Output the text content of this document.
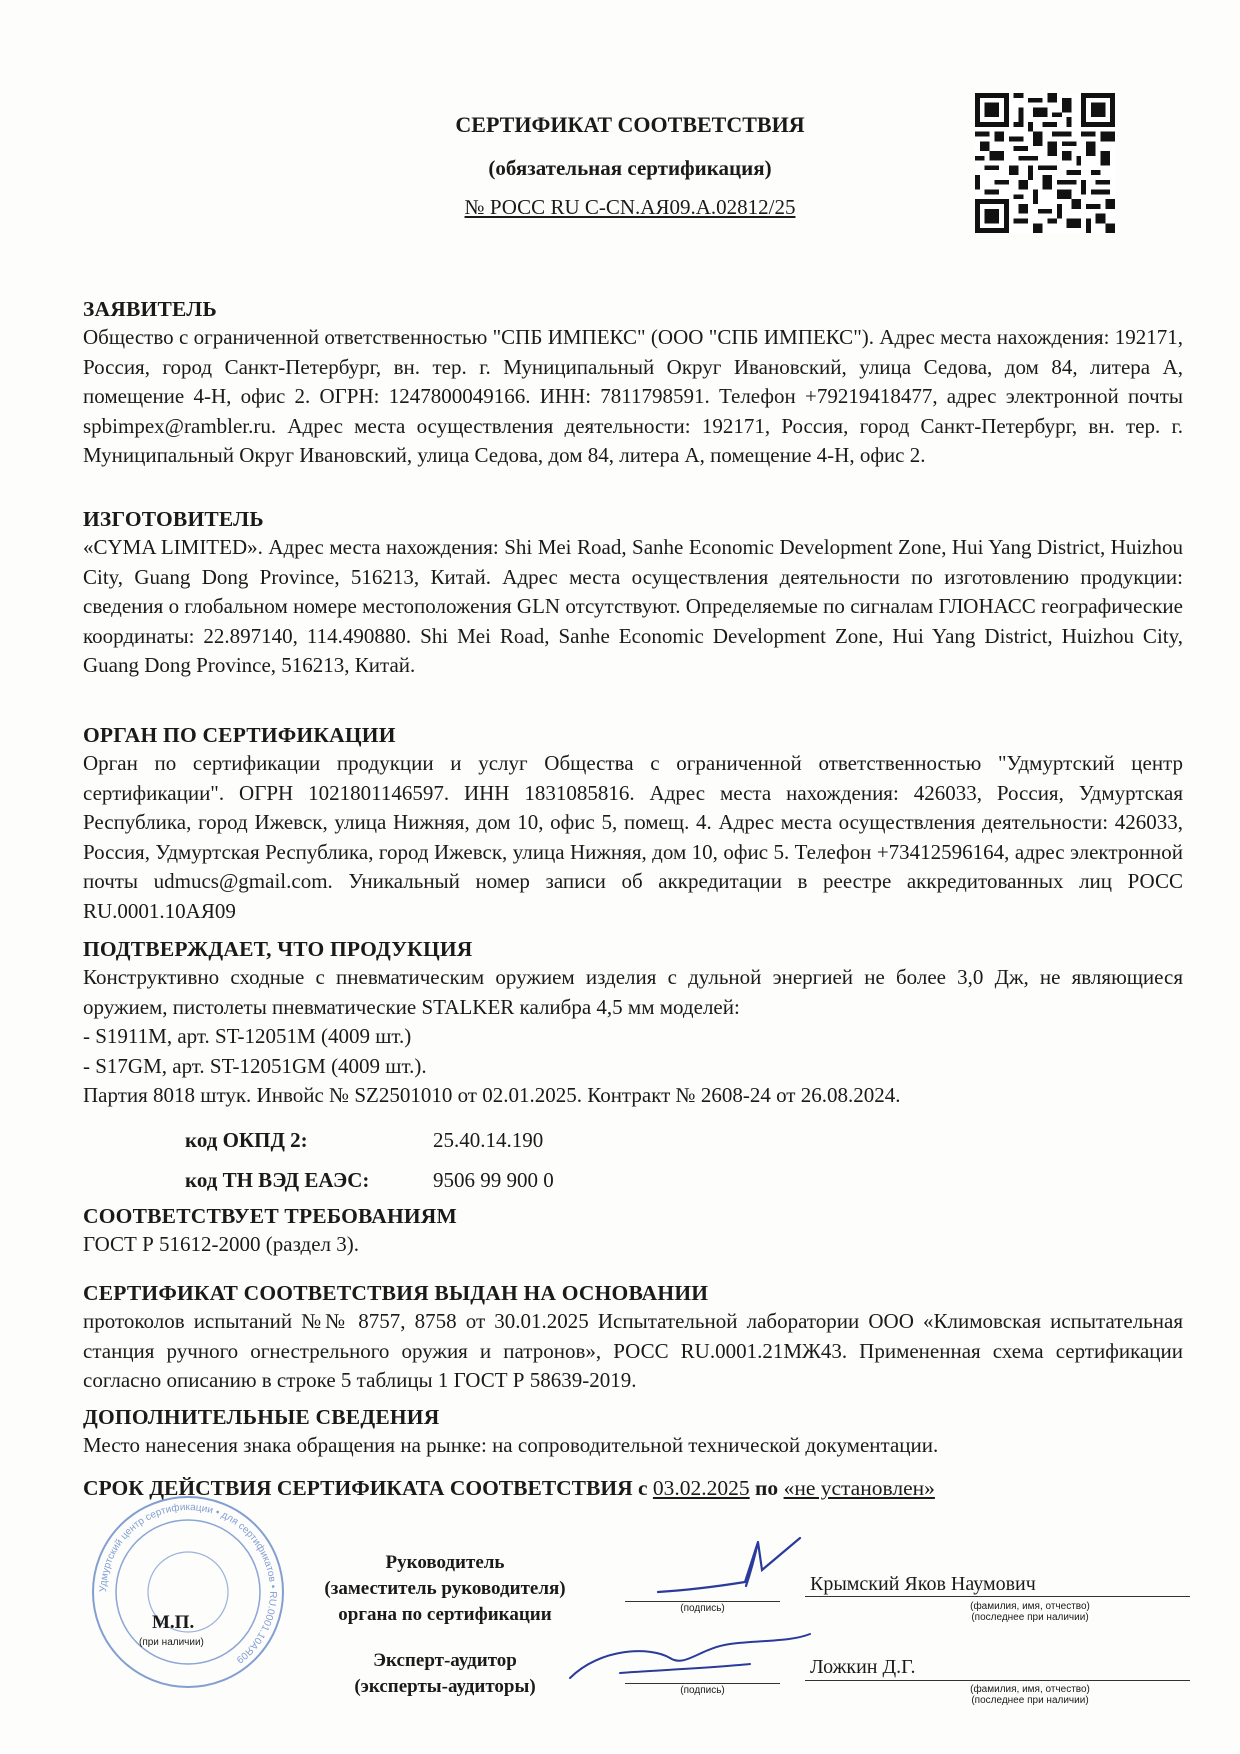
СЕРТИФИКАТ СООТВЕТСТВИЯ
(обязательная сертификация)
№ РОСС RU С-CN.АЯ09.А.02812/25
ЗАЯВИТЕЛЬ

Общество с ограниченной ответственностью "СПБ ИМПЕКС" (ООО "СПБ ИМПЕКС"). Адрес места нахождения: 192171, Россия, город Санкт-Петербург, вн. тер. г. Муниципальный Округ Ивановский, улица Седова, дом 84, литера А, помещение 4-Н, офис 2. ОГРН: 1247800049166. ИНН: 7811798591. Телефон +79219418477, адрес электронной почты spbimpex@rambler.ru. Адрес места осуществления деятельности: 192171, Россия, город Санкт-Петербург, вн. тер. г. Муниципальный Округ Ивановский, улица Седова, дом 84, литера А, помещение 4-Н, офис 2.

ИЗГОТОВИТЕЛЬ

«CYMA LIMITED». Адрес места нахождения: Shi Mei Road, Sanhe Economic Development Zone, Hui Yang District, Huizhou City, Guang Dong Province, 516213, Китай. Адрес места осуществления деятельности по изготовлению продукции: сведения о глобальном номере местоположения GLN отсутствуют. Определяемые по сигналам ГЛОНАСС географические координаты: 22.897140, 114.490880. Shi Mei Road, Sanhe Economic Development Zone, Hui Yang District, Huizhou City, Guang Dong Province, 516213, Китай.

ОРГАН ПО СЕРТИФИКАЦИИ

Орган по сертификации продукции и услуг Общества с ограниченной ответственностью "Удмуртский центр сертификации". ОГРН 1021801146597. ИНН 1831085816. Адрес места нахождения: 426033, Россия, Удмуртская Республика, город Ижевск, улица Нижняя, дом 10, офис 5, помещ. 4. Адрес места осуществления деятельности: 426033, Россия, Удмуртская Республика, город Ижевск, улица Нижняя, дом 10, офис 5. Телефон +73412596164, адрес электронной почты udmucs@gmail.com. Уникальный номер записи об аккредитации в реестре аккредитованных лиц РОСС RU.0001.10АЯ09

ПОДТВЕРЖДАЕТ, ЧТО ПРОДУКЦИЯ

Конструктивно сходные с пневматическим оружием изделия с дульной энергией не более 3,0 Дж, не являющиеся оружием, пистолеты пневматические STALKER калибра 4,5 мм моделей:

- S1911M, арт. ST-12051M (4009 шт.)
- S17GM, арт. ST-12051GM (4009 шт.).
Партия 8018 штук. Инвойс № SZ2501010 от 02.01.2025. Контракт № 2608-24 от 26.08.2024.
код ОКПД 2:	25.40.14.190
код ТН ВЭД ЕАЭС:	9506 99 900 0
СООТВЕТСТВУЕТ ТРЕБОВАНИЯМ

ГОСТ Р 51612-2000 (раздел 3).

СЕРТИФИКАТ СООТВЕТСТВИЯ ВЫДАН НА ОСНОВАНИИ

протоколов испытаний №№ 8757, 8758 от 30.01.2025 Испытательной лаборатории ООО «Климовская испытательная станция ручного огнестрельного оружия и патронов», РОСС RU.0001.21МЖ43. Примененная схема сертификации согласно описанию в строке 5 таблицы 1 ГОСТ Р 58639-2019.

ДОПОЛНИТЕЛЬНЫЕ СВЕДЕНИЯ

Место нанесения знака обращения на рынке: на сопроводительной технической документации.

СРОК ДЕЙСТВИЯ СЕРТИФИКАТА СООТВЕТСТВИЯ с 03.02.2025 по «не установлен»
Удмуртский центр сертификации • для сертификатов • RU.0001.10АЯ09
М.П.
(при наличии)
Руководитель
(заместитель руководителя)
органа по сертификации
Эксперт-аудитор
(эксперты-аудиторы)
(подпись)
(подпись)
(фамилия, имя, отчество)
(последнее при наличии)
(фамилия, имя, отчество)
(последнее при наличии)
Крымский Яков Наумович
Ложкин Д.Г.
